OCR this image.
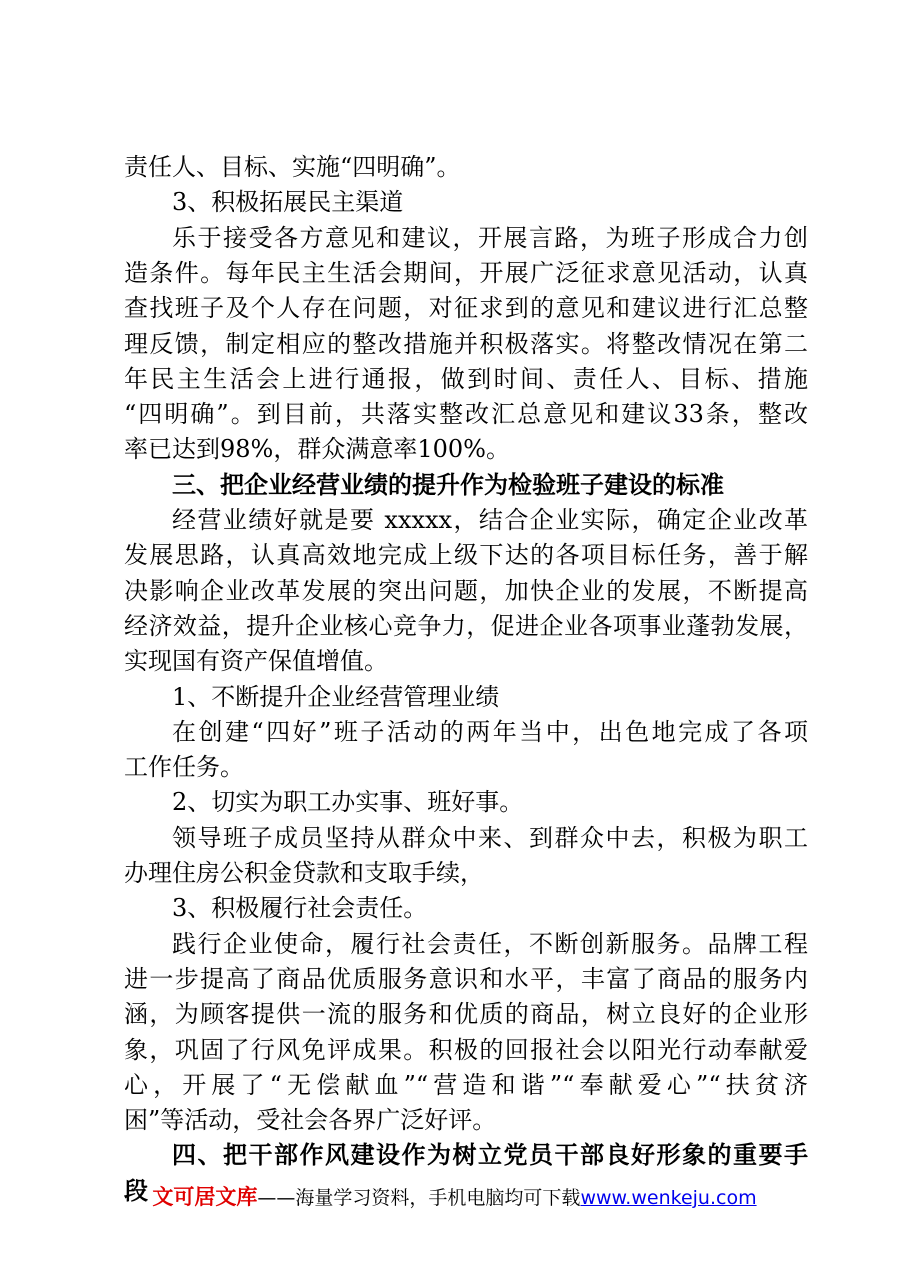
责任人、目标、实施“四明确”。
3、积极拓展民主渠道
乐于接受各方意见和建议，开展言路，为班子形成合力创
造条件。每年民主生活会期间，开展广泛征求意见活动，认真
查找班子及个人存在问题，对征求到的意见和建议进行汇总整
理反馈，制定相应的整改措施并积极落实。将整改情况在第二
年民主生活会上进行通报，做到时间、责任人、目标、措施
“四明确”。到目前，共落实整改汇总意见和建议33条，整改
率已达到98%，群众满意率100%。
三、把企业经营业绩的提升作为检验班子建设的标准
经营业绩好就是要 xxxxx，结合企业实际，确定企业改革
发展思路，认真高效地完成上级下达的各项目标任务，善于解
决影响企业改革发展的突出问题，加快企业的发展，不断提高
经济效益，提升企业核心竞争力，促进企业各项事业蓬勃发展，
实现国有资产保值增值。
1、不断提升企业经营管理业绩
在创建“四好”班子活动的两年当中，出色地完成了各项
工作任务。
2、切实为职工办实事、班好事。
领导班子成员坚持从群众中来、到群众中去，积极为职工
办理住房公积金贷款和支取手续，
3、积极履行社会责任。
践行企业使命，履行社会责任，不断创新服务。品牌工程
进一步提高了商品优质服务意识和水平，丰富了商品的服务内
涵，为顾客提供一流的服务和优质的商品，树立良好的企业形
象，巩固了行风免评成果。积极的回报社会以阳光行动奉献爱
心，开展了“无偿献血”“营造和谐”“奉献爱心”“扶贫济
困”等活动，受社会各界广泛好评。
四、把干部作风建设作为树立党员干部良好形象的重要手
段 文可居文库——海量学习资料，手机电脑均可下载www.wenkeju.com
